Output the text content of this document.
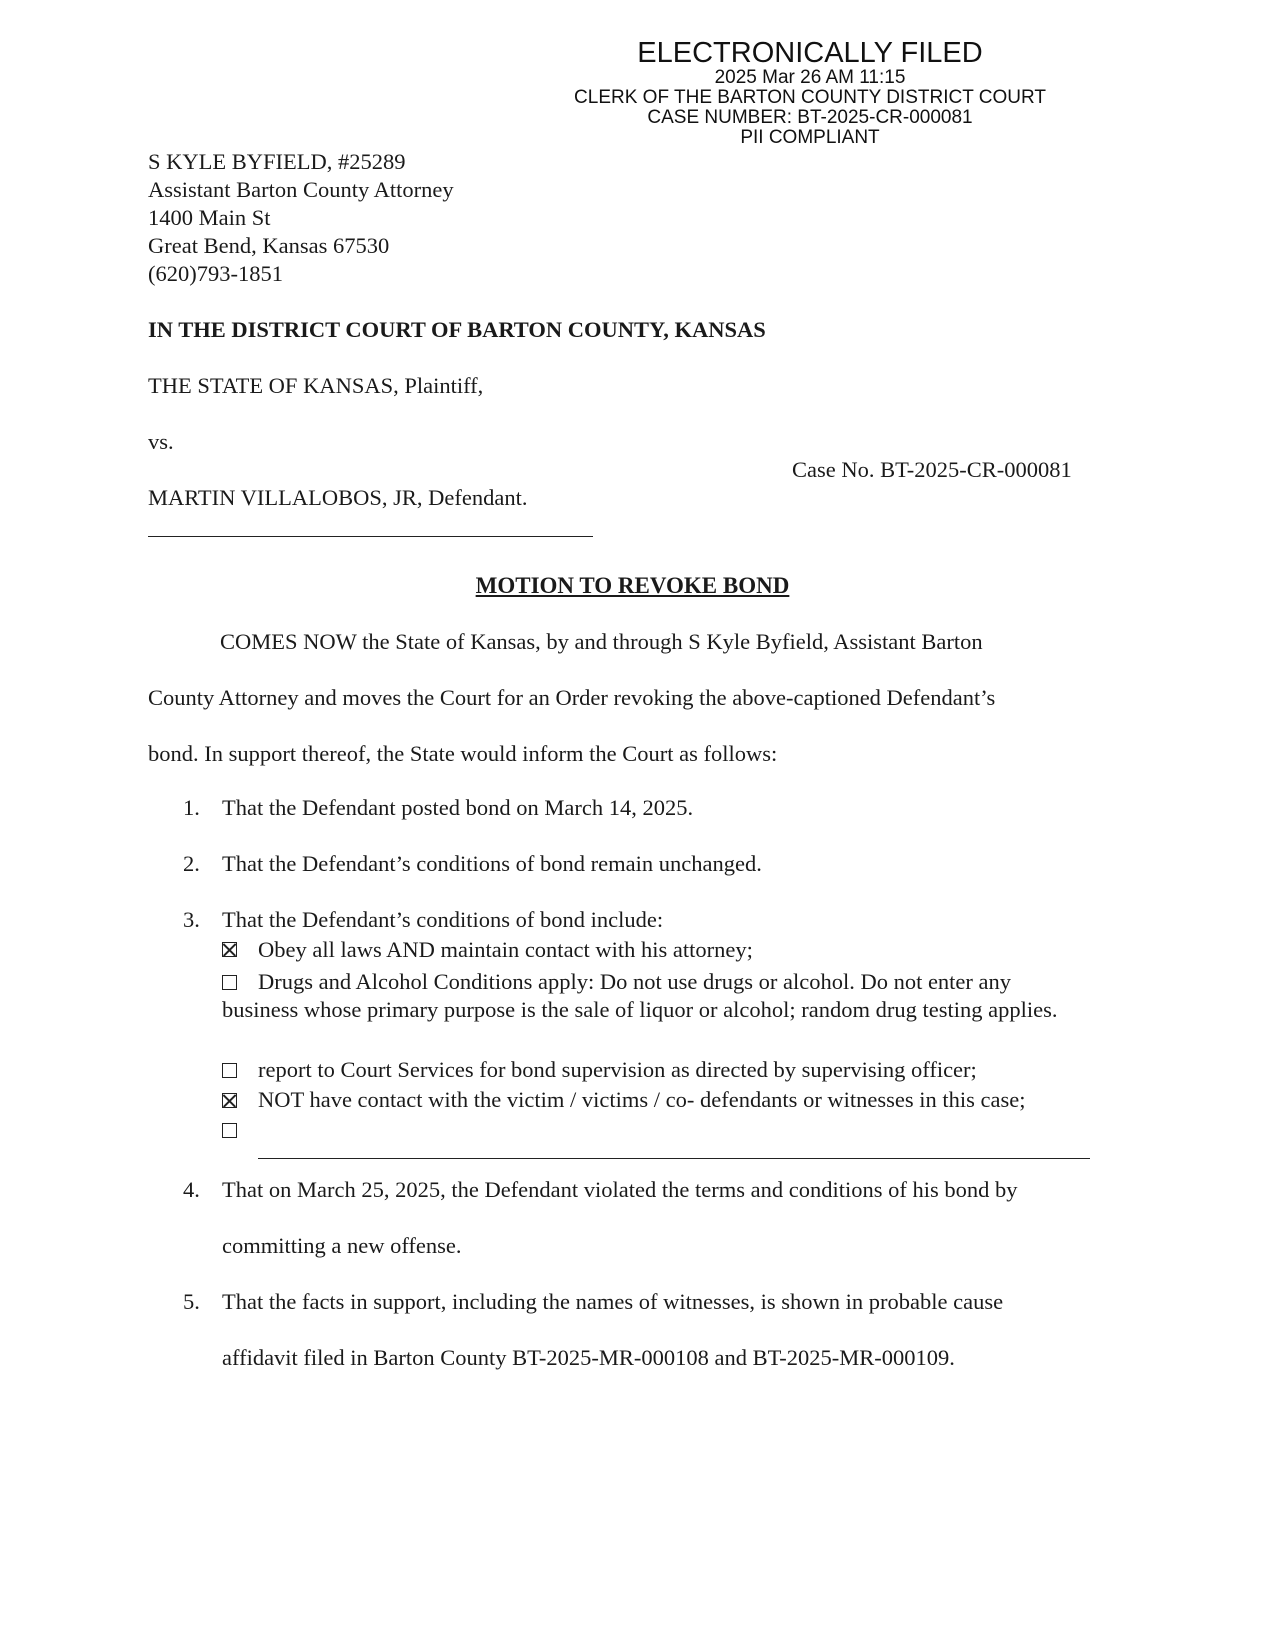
ELECTRONICALLY FILED
2025 Mar 26 AM 11:15
CLERK OF THE BARTON COUNTY DISTRICT COURT
CASE NUMBER: BT-2025-CR-000081
PII COMPLIANT
S KYLE BYFIELD, #25289
Assistant Barton County Attorney
1400 Main St
Great Bend, Kansas 67530
(620)793-1851
IN THE DISTRICT COURT OF BARTON COUNTY, KANSAS
THE STATE OF KANSAS, Plaintiff,
vs.
Case No. BT-2025-CR-000081
MARTIN VILLALOBOS, JR, Defendant.
MOTION TO REVOKE BOND
COMES NOW the State of Kansas, by and through S Kyle Byfield, Assistant Barton
County Attorney and moves the Court for an Order revoking the above-captioned Defendant’s
bond. In support thereof, the State would inform the Court as follows:
1. That the Defendant posted bond on March 14, 2025.
2. That the Defendant’s conditions of bond remain unchanged.
3. That the Defendant’s conditions of bond include:
Obey all laws AND maintain contact with his attorney;
Drugs and Alcohol Conditions apply: Do not use drugs or alcohol. Do not enter any
business whose primary purpose is the sale of liquor or alcohol; random drug testing applies.
report to Court Services for bond supervision as directed by supervising officer;
NOT have contact with the victim / victims / co- defendants or witnesses in this case;
4. That on March 25, 2025, the Defendant violated the terms and conditions of his bond by
committing a new offense.
5. That the facts in support, including the names of witnesses, is shown in probable cause
affidavit filed in Barton County BT-2025-MR-000108 and BT-2025-MR-000109.
